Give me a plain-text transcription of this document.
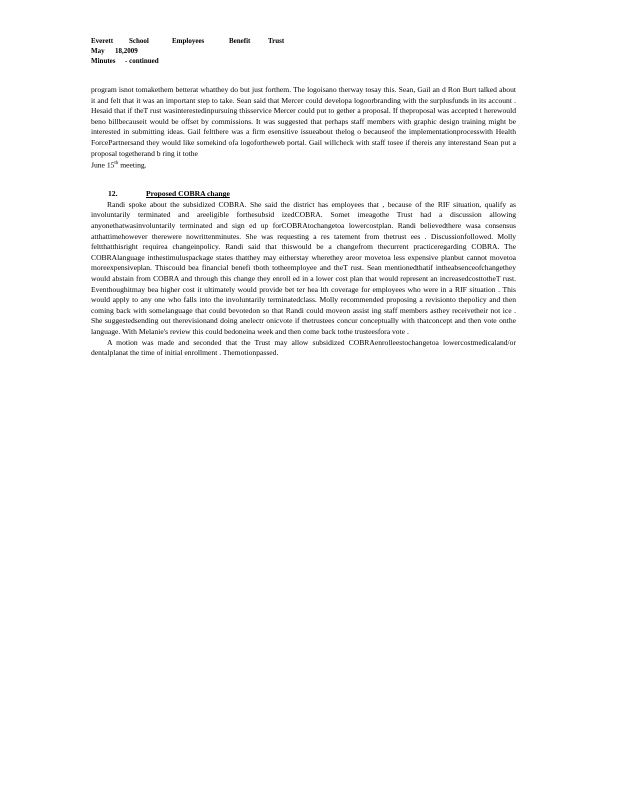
Everett School	Employees	Benefit	Trust
May 18,2009
Minutes - continued

program isnot tomakethem betterat whatthey do but just forthem. The logoisano therway tosay this. Sean, Gail an d Ron Burt talked about it and felt that it was an important step to take. Sean said that Mercer could developa logoorbranding with the surplusfunds in its account . Hesaid that if theT rust wasinterestedinpursuing thisservice Mercer could put to gether a proposal. If theproposal was accepted t herewould beno billbecauseit would be offset by commissions. It was suggested that perhaps staff members with graphic design training might be interested in submitting ideas. Gail feltthere was a firm esensitive issueabout thelog o becauseof the implementationprocesswith Health ForcePartnersand they would like somekind ofa logofortheweb portal. Gail willcheck with staff tosee if thereis any interestand Sean put a proposal togetherand b ring it tothe
June 15th meeting.

12.	Proposed COBRA change

Randi spoke about the subsidized COBRA. She said the district has employees that , because of the RIF situation, qualify as involuntarily terminated and areeligible forthesubsid izedCOBRA. Somet imeagothe Trust had a discussion allowing anyonethatwasinvoluntarily terminated and sign ed up forCOBRAtochangetoa lowercostplan. Randi believedthere wasa consensus atthattimehowever therewere nowrittenminutes. She was requesting a res tatement from thetrust ees . Discussionfollowed. Molly feltthatthisright requirea changeinpolicy. Randi said that thiswould be a changefrom thecurrent practiceregarding COBRA. The COBRAlanguage inthestimuluspackage states thatthey may eitherstay wherethey areor movetoa less expensive planbut cannot movetoa moreexpensiveplan. Thiscould bea financial benefi tboth totheemployee and theT rust. Sean mentionedthatif intheabsenceofchangethey would abstain from COBRA and through this change they enroll ed in a lower cost plan that would represent an increasedcosttotheT rust. Eventhoughitmay bea higher cost it ultimately would provide bet ter hea lth coverage for employees who were in a RIF situation . This would apply to any one who falls into the involuntarily terminatedclass. Molly recommended proposing a revisionto thepolicy and then coming back with somelanguage that could bevotedon so that Randi could moveon assist ing staff members asthey receivetheir not ice . She suggestedsending out therevisionand doing anelectr onicvote if thetrustees concur conceptually with thatconcept and then vote onthe language. With Melanie's review this could bedoneina week and then come back tothe trusteesfora vote .

A motion was made and seconded that the Trust may allow subsidized COBRAenrolleestochangetoa lowercostmedicaland/or dentalplanat the time of initial enrollment . Themotionpassed.
